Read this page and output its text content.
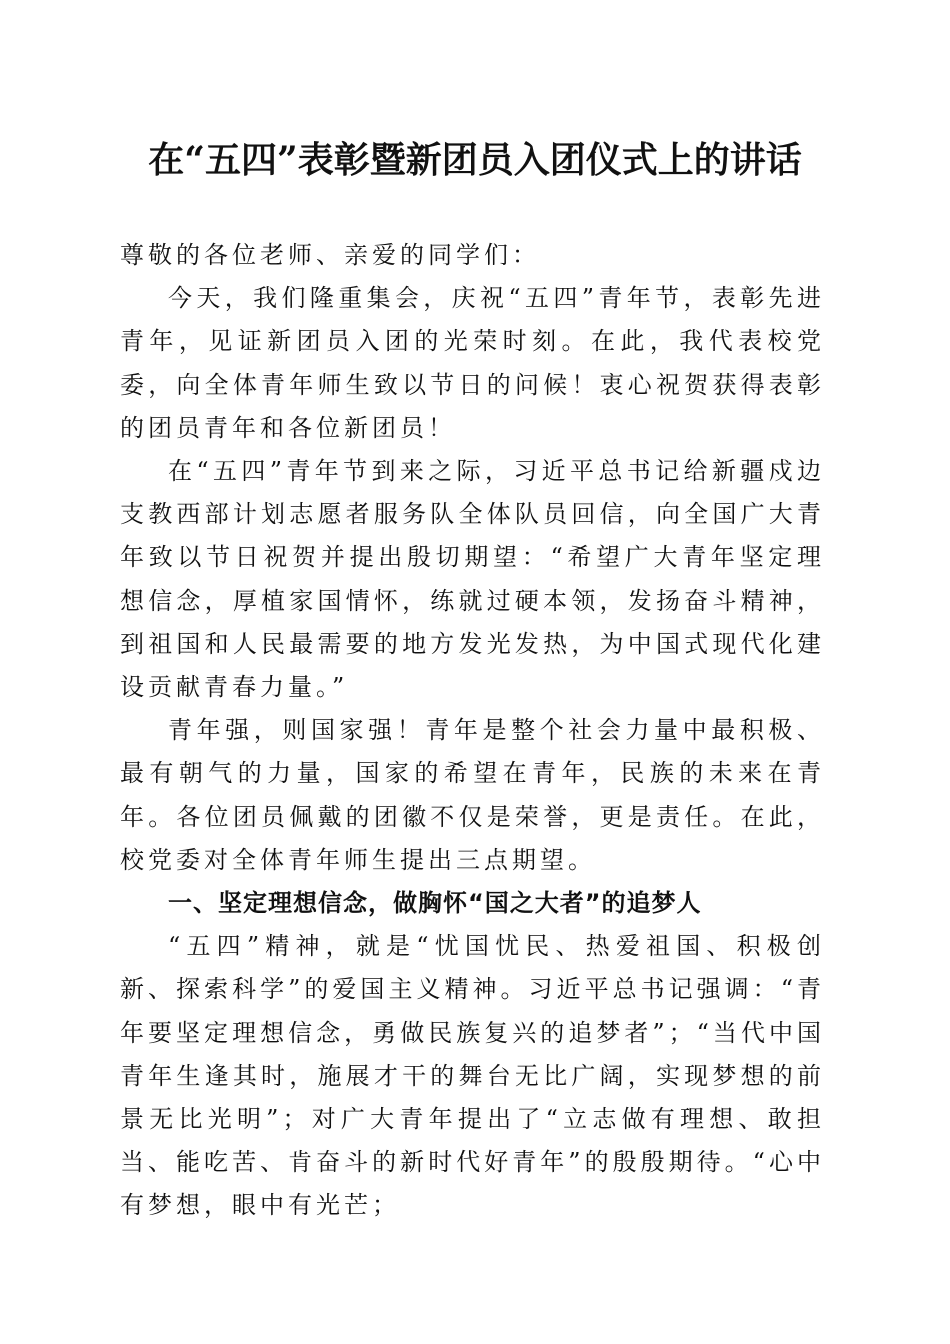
在“五四”表彰暨新团员入团仪式上的讲话

尊敬的各位老师、亲爱的同学们：

今天，我们隆重集会，庆祝“五四”青年节，表彰先进青年，见证新团员入团的光荣时刻。在此，我代表校党委，向全体青年师生致以节日的问候！衷心祝贺获得表彰的团员青年和各位新团员！

在“五四”青年节到来之际，习近平总书记给新疆戍边支教西部计划志愿者服务队全体队员回信，向全国广大青年致以节日祝贺并提出殷切期望：“希望广大青年坚定理想信念，厚植家国情怀，练就过硬本领，发扬奋斗精神，到祖国和人民最需要的地方发光发热，为中国式现代化建设贡献青春力量。”

青年强，则国家强！青年是整个社会力量中最积极、最有朝气的力量，国家的希望在青年，民族的未来在青年。各位团员佩戴的团徽不仅是荣誉，更是责任。在此，校党委对全体青年师生提出三点期望。

一、坚定理想信念，做胸怀“国之大者”的追梦人

“五四”精神，就是“忧国忧民、热爱祖国、积极创新、探索科学”的爱国主义精神。习近平总书记强调：“青年要坚定理想信念，勇做民族复兴的追梦者”；“当代中国青年生逢其时，施展才干的舞台无比广阔，实现梦想的前景无比光明”；对广大青年提出了“立志做有理想、敢担当、能吃苦、肯奋斗的新时代好青年”的殷殷期待。“心中有梦想，眼中有光芒；
